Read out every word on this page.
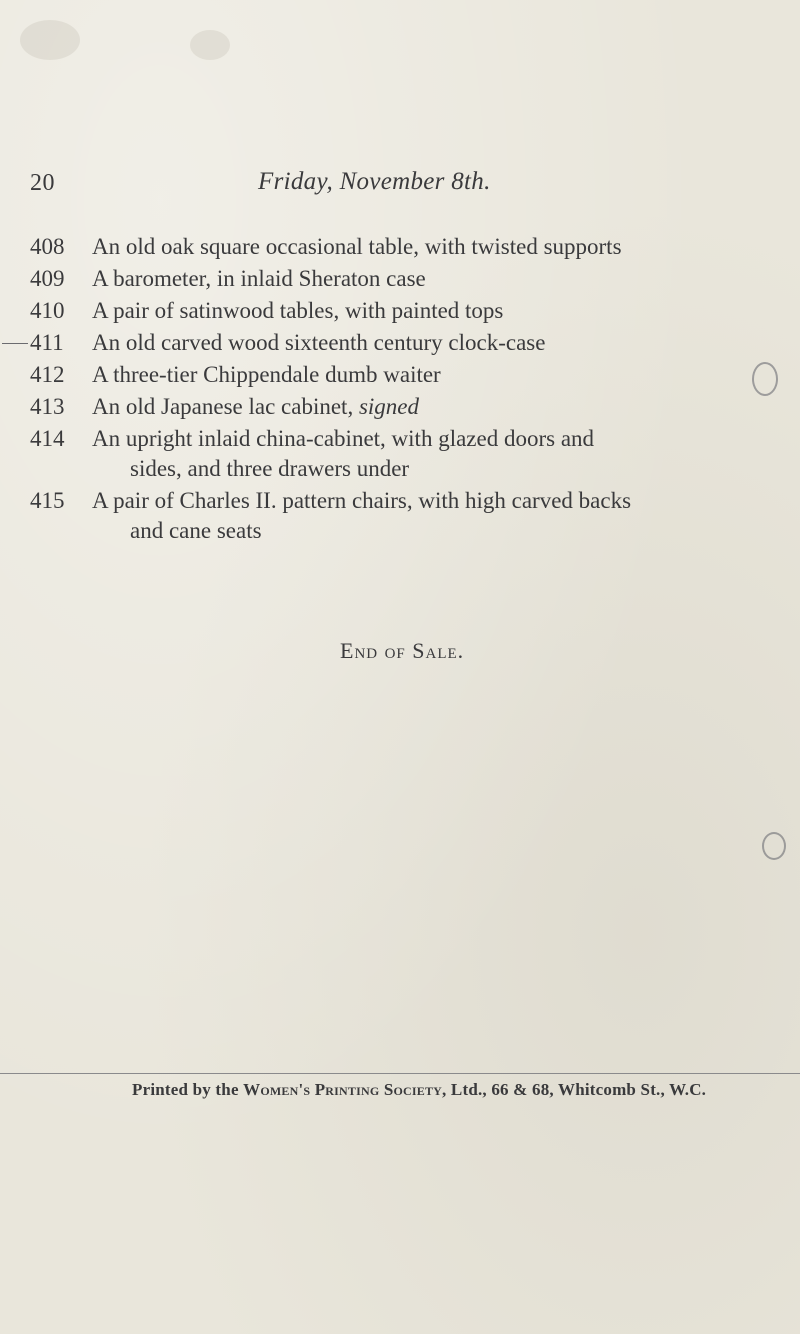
20	Friday, November 8th.
408	An old oak square occasional table, with twisted supports
409	A barometer, in inlaid Sheraton case
410	A pair of satinwood tables, with painted tops
411	An old carved wood sixteenth century clock-case
412	A three-tier Chippendale dumb waiter
413	An old Japanese lac cabinet, signed
414	An upright inlaid china-cabinet, with glazed doors and
sides, and three drawers under
415	A pair of Charles II. pattern chairs, with high carved backs
and cane seats
End of Sale.
Printed by the Women's Printing Society, Ltd., 66 & 68, Whitcomb St., W.C.
